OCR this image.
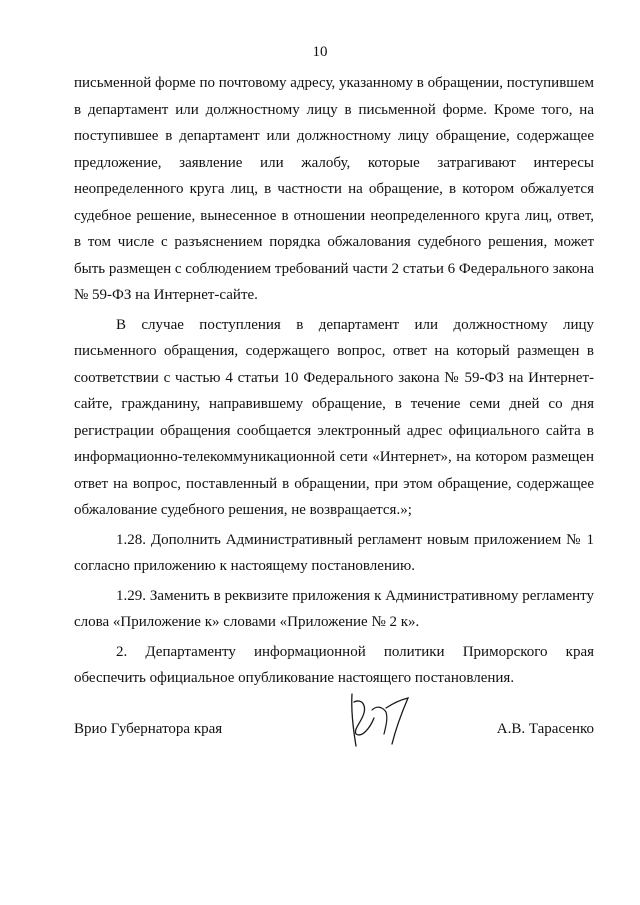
10

письменной форме по почтовому адресу, указанному в обращении, поступившем в департамент или должностному лицу в письменной форме. Кроме того, на поступившее в департамент или должностному лицу обращение, содержащее предложение, заявление или жалобу, которые затрагивают интересы неопределенного круга лиц, в частности на обращение, в котором обжалуется судебное решение, вынесенное в отношении неопределенного круга лиц, ответ, в том числе с разъяснением порядка обжалования судебного решения, может быть размещен с соблюдением требований части 2 статьи 6 Федерального закона № 59-ФЗ на Интернет-сайте.

В случае поступления в департамент или должностному лицу письменного обращения, содержащего вопрос, ответ на который размещен в соответствии с частью 4 статьи 10 Федерального закона № 59-ФЗ на Интернет-сайте, гражданину, направившему обращение, в течение семи дней со дня регистрации обращения сообщается электронный адрес официального сайта в информационно-телекоммуникационной сети «Интернет», на котором размещен ответ на вопрос, поставленный в обращении, при этом обращение, содержащее обжалование судебного решения, не возвращается.»;

1.28. Дополнить Административный регламент новым приложением № 1 согласно приложению к настоящему постановлению.

1.29. Заменить в реквизите приложения к Административному регламенту слова «Приложение к» словами «Приложение № 2 к».

2. Департаменту информационной политики Приморского края обеспечить официальное опубликование настоящего постановления.

Врио Губернатора края	А.В. Тарасенко
